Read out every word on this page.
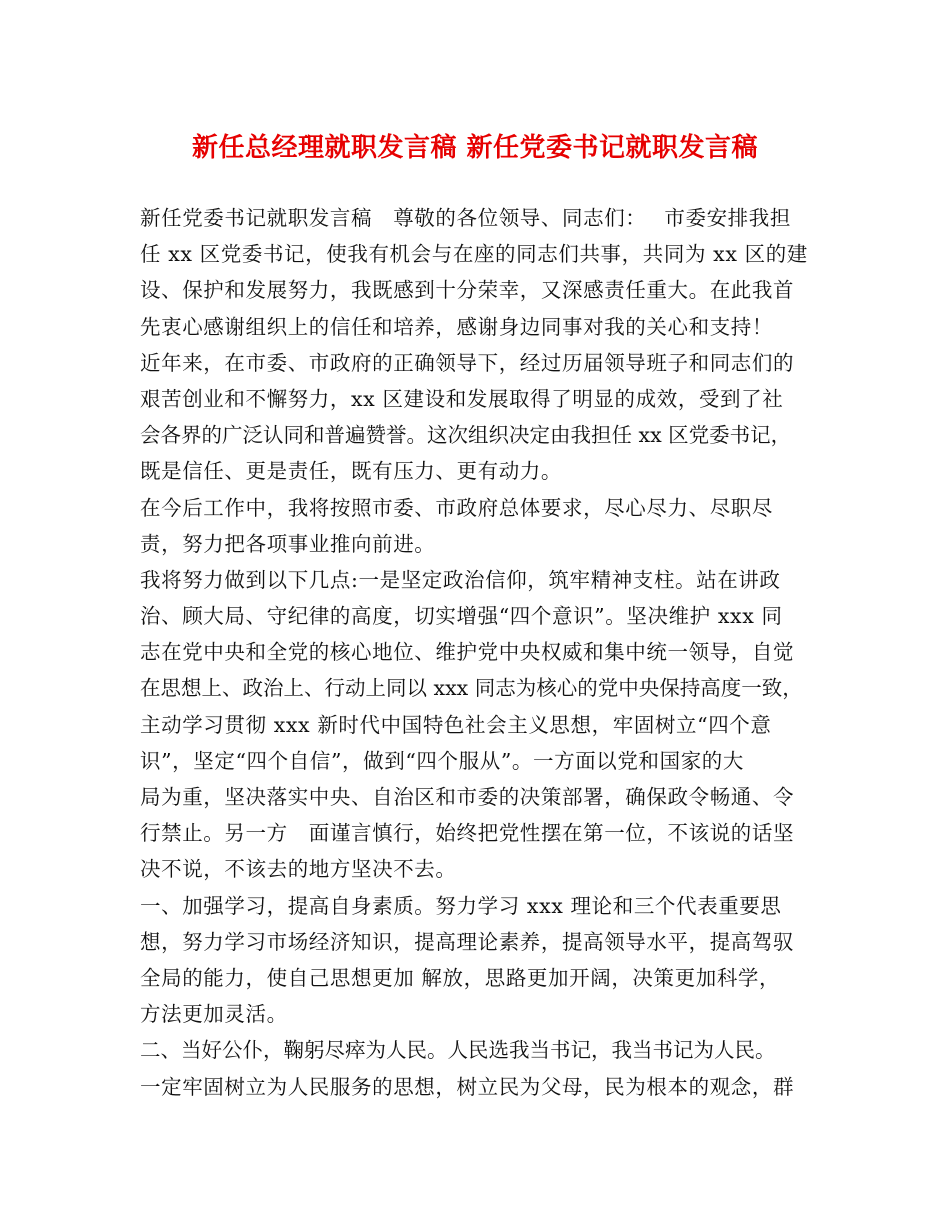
新任总经理就职发言稿 新任党委书记就职发言稿
新任党委书记就职发言稿　尊敬的各位领导、同志们：　 市委安排我担
任 xx 区党委书记，使我有机会与在座的同志们共事，共同为 xx 区的建
设、保护和发展努力，我既感到十分荣幸，又深感责任重大。在此我首
先衷心感谢组织上的信任和培养，感谢身边同事对我的关心和支持！
近年来，在市委、市政府的正确领导下，经过历届领导班子和同志们的
艰苦创业和不懈努力，xx 区建设和发展取得了明显的成效，受到了社
会各界的广泛认同和普遍赞誉。这次组织决定由我担任 xx 区党委书记，
既是信任、更是责任，既有压力、更有动力。
在今后工作中，我将按照市委、市政府总体要求，尽心尽力、尽职尽
责，努力把各项事业推向前进。
我将努力做到以下几点:一是坚定政治信仰，筑牢精神支柱。站在讲政
治、顾大局、守纪律的高度，切实增强“四个意识”。坚决维护 xxx 同
志在党中央和全党的核心地位、维护党中央权威和集中统一领导，自觉
在思想上、政治上、行动上同以 xxx 同志为核心的党中央保持高度一致，
主动学习贯彻 xxx 新时代中国特色社会主义思想，牢固树立“四个意
识”，坚定“四个自信”，做到“四个服从”。一方面以党和国家的大
局为重，坚决落实中央、自治区和市委的决策部署，确保政令畅通、令
行禁止。另一方　面谨言慎行，始终把党性摆在第一位，不该说的话坚
决不说，不该去的地方坚决不去。
一、加强学习，提高自身素质。努力学习 xxx 理论和三个代表重要思
想，努力学习市场经济知识，提高理论素养，提高领导水平，提高驾驭
全局的能力，使自己思想更加 解放，思路更加开阔，决策更加科学，
方法更加灵活。
二、当好公仆，鞠躬尽瘁为人民。人民选我当书记，我当书记为人民。
一定牢固树立为人民服务的思想，树立民为父母，民为根本的观念，群
